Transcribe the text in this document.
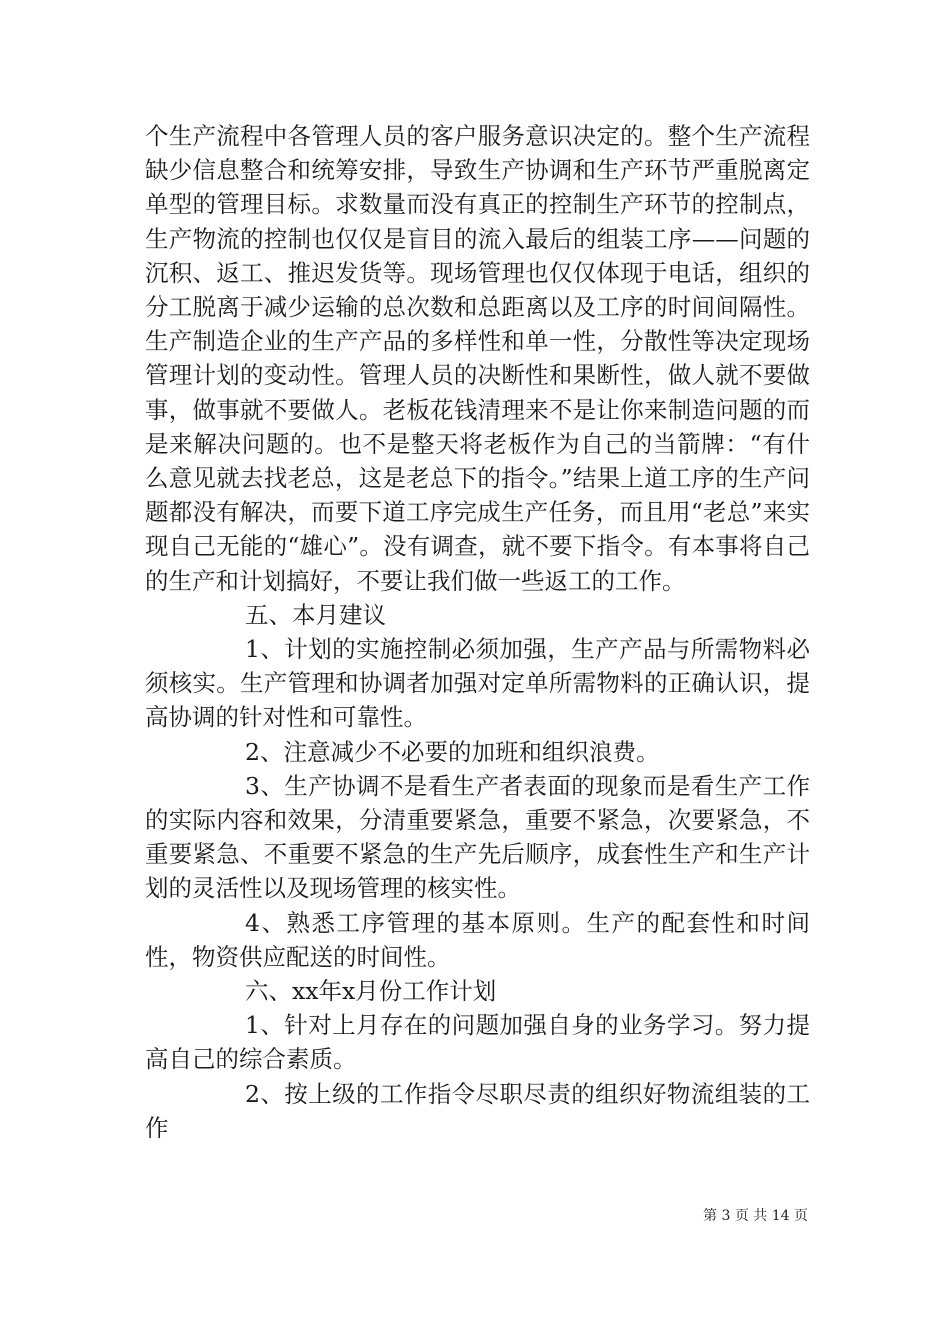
个生产流程中各管理人员的客户服务意识决定的。整个生产流程缺少信息整合和统筹安排，导致生产协调和生产环节严重脱离定单型的管理目标。求数量而没有真正的控制生产环节的控制点，生产物流的控制也仅仅是盲目的流入最后的组装工序——问题的沉积、返工、推迟发货等。现场管理也仅仅体现于电话，组织的分工脱离于减少运输的总次数和总距离以及工序的时间间隔性。生产制造企业的生产产品的多样性和单一性，分散性等决定现场管理计划的变动性。管理人员的决断性和果断性，做人就不要做事，做事就不要做人。老板花钱清理来不是让你来制造问题的而是来解决问题的。也不是整天将老板作为自己的当箭牌：“有什么意见就去找老总，这是老总下的指令。”结果上道工序的生产问题都没有解决，而要下道工序完成生产任务，而且用“老总”来实现自己无能的“雄心”。没有调查，就不要下指令。有本事将自己的生产和计划搞好，不要让我们做一些返工的工作。

五、本月建议

1、计划的实施控制必须加强，生产产品与所需物料必须核实。生产管理和协调者加强对定单所需物料的正确认识，提高协调的针对性和可靠性。

2、注意减少不必要的加班和组织浪费。

3、生产协调不是看生产者表面的现象而是看生产工作的实际内容和效果，分清重要紧急，重要不紧急，次要紧急，不重要紧急、不重要不紧急的生产先后顺序，成套性生产和生产计划的灵活性以及现场管理的核实性。

4、熟悉工序管理的基本原则。生产的配套性和时间性，物资供应配送的时间性。

六、xx年x月份工作计划

1、针对上月存在的问题加强自身的业务学习。努力提高自己的综合素质。

2、按上级的工作指令尽职尽责的组织好物流组装的工作

第 3 页 共 14 页
